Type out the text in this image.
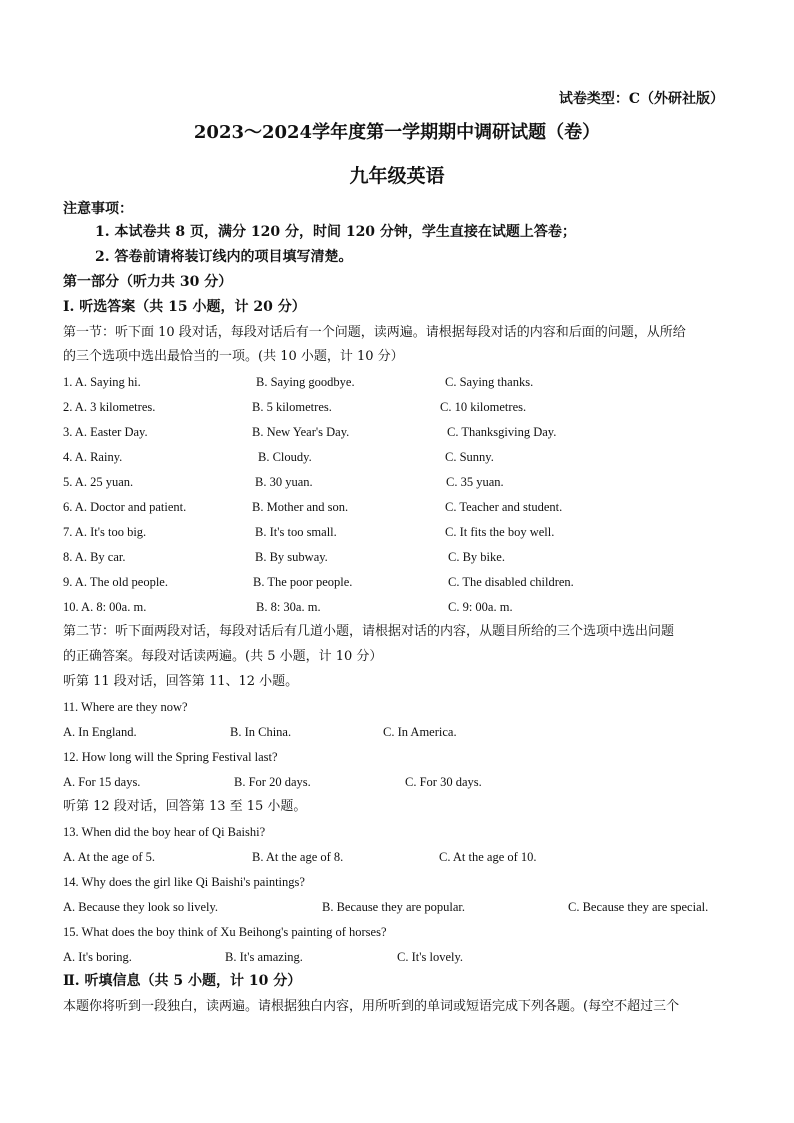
试卷类型：C（外研社版）
2023～2024学年度第一学期期中调研试题（卷）
九年级英语
注意事项：
1. 本试卷共 8 页，满分 120 分，时间 120 分钟，学生直接在试题上答卷；
2. 答卷前请将装订线内的项目填写清楚。
第一部分（听力共 30 分）
I. 听选答案（共 15 小题，计 20 分）
第一节：听下面 10 段对话，每段对话后有一个问题，读两遍。请根据每段对话的内容和后面的问题，从所给
的三个选项中选出最恰当的一项。(共 10 小题，计 10 分）
1. A. Saying hi.	B. Saying goodbye.	C. Saying thanks.
2. A. 3 kilometres.	B. 5 kilometres.	C. 10 kilometres.
3. A. Easter Day.	B. New Year's Day.	C. Thanksgiving Day.
4. A. Rainy.	B. Cloudy.	C. Sunny.
5. A. 25 yuan.	B. 30 yuan.	C. 35 yuan.
6. A. Doctor and patient.	B. Mother and son.	C. Teacher and student.
7. A. It's too big.	B. It's too small.	C. It fits the boy well.
8. A. By car.	B. By subway.	C. By bike.
9. A. The old people.	B. The poor people.	C. The disabled children.
10. A. 8: 00a. m.	B. 8: 30a. m.	C. 9: 00a. m.
第二节：听下面两段对话，每段对话后有几道小题，请根据对话的内容，从题目所给的三个选项中选出问题
的正确答案。每段对话读两遍。(共 5 小题，计 10 分）
听第 11 段对话，回答第 11、12 小题。
11. Where are they now?
A. In England.	B. In China.	C. In America.
12. How long will the Spring Festival last?
A. For 15 days.	B. For 20 days.	C. For 30 days.
听第 12 段对话，回答第 13 至 15 小题。
13. When did the boy hear of Qi Baishi?
A. At the age of 5.	B. At the age of 8.	C. At the age of 10.
14. Why does the girl like Qi Baishi's paintings?
A. Because they look so lively.	B. Because they are popular.	C. Because they are special.
15. What does the boy think of Xu Beihong's painting of horses?
A. It's boring.	B. It's amazing.	C. It's lovely.
Ⅱ. 听填信息（共 5 小题，计 10 分）
本题你将听到一段独白，读两遍。请根据独白内容，用所听到的单词或短语完成下列各题。(每空不超过三个
